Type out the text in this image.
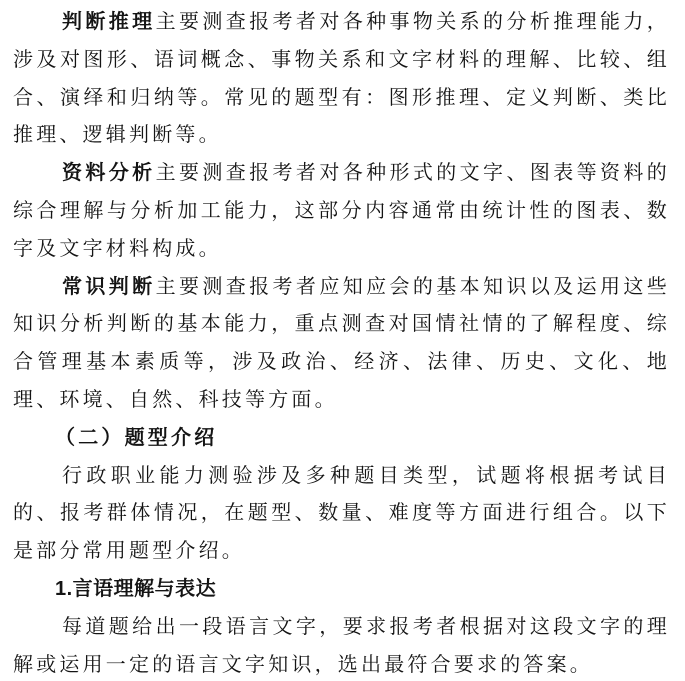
判断推理主要测查报考者对各种事物关系的分析推理能力，涉及对图形、语词概念、事物关系和文字材料的理解、比较、组合、演绎和归纳等。常见的题型有：图形推理、定义判断、类比推理、逻辑判断等。

资料分析主要测查报考者对各种形式的文字、图表等资料的综合理解与分析加工能力，这部分内容通常由统计性的图表、数字及文字材料构成。

常识判断主要测查报考者应知应会的基本知识以及运用这些知识分析判断的基本能力，重点测查对国情社情的了解程度、综合管理基本素质等，涉及政治、经济、法律、历史、文化、地理、环境、自然、科技等方面。

（二）题型介绍

行政职业能力测验涉及多种题目类型，试题将根据考试目的、报考群体情况，在题型、数量、难度等方面进行组合。以下是部分常用题型介绍。

1.言语理解与表达

每道题给出一段语言文字，要求报考者根据对这段文字的理解或运用一定的语言文字知识，选出最符合要求的答案。
